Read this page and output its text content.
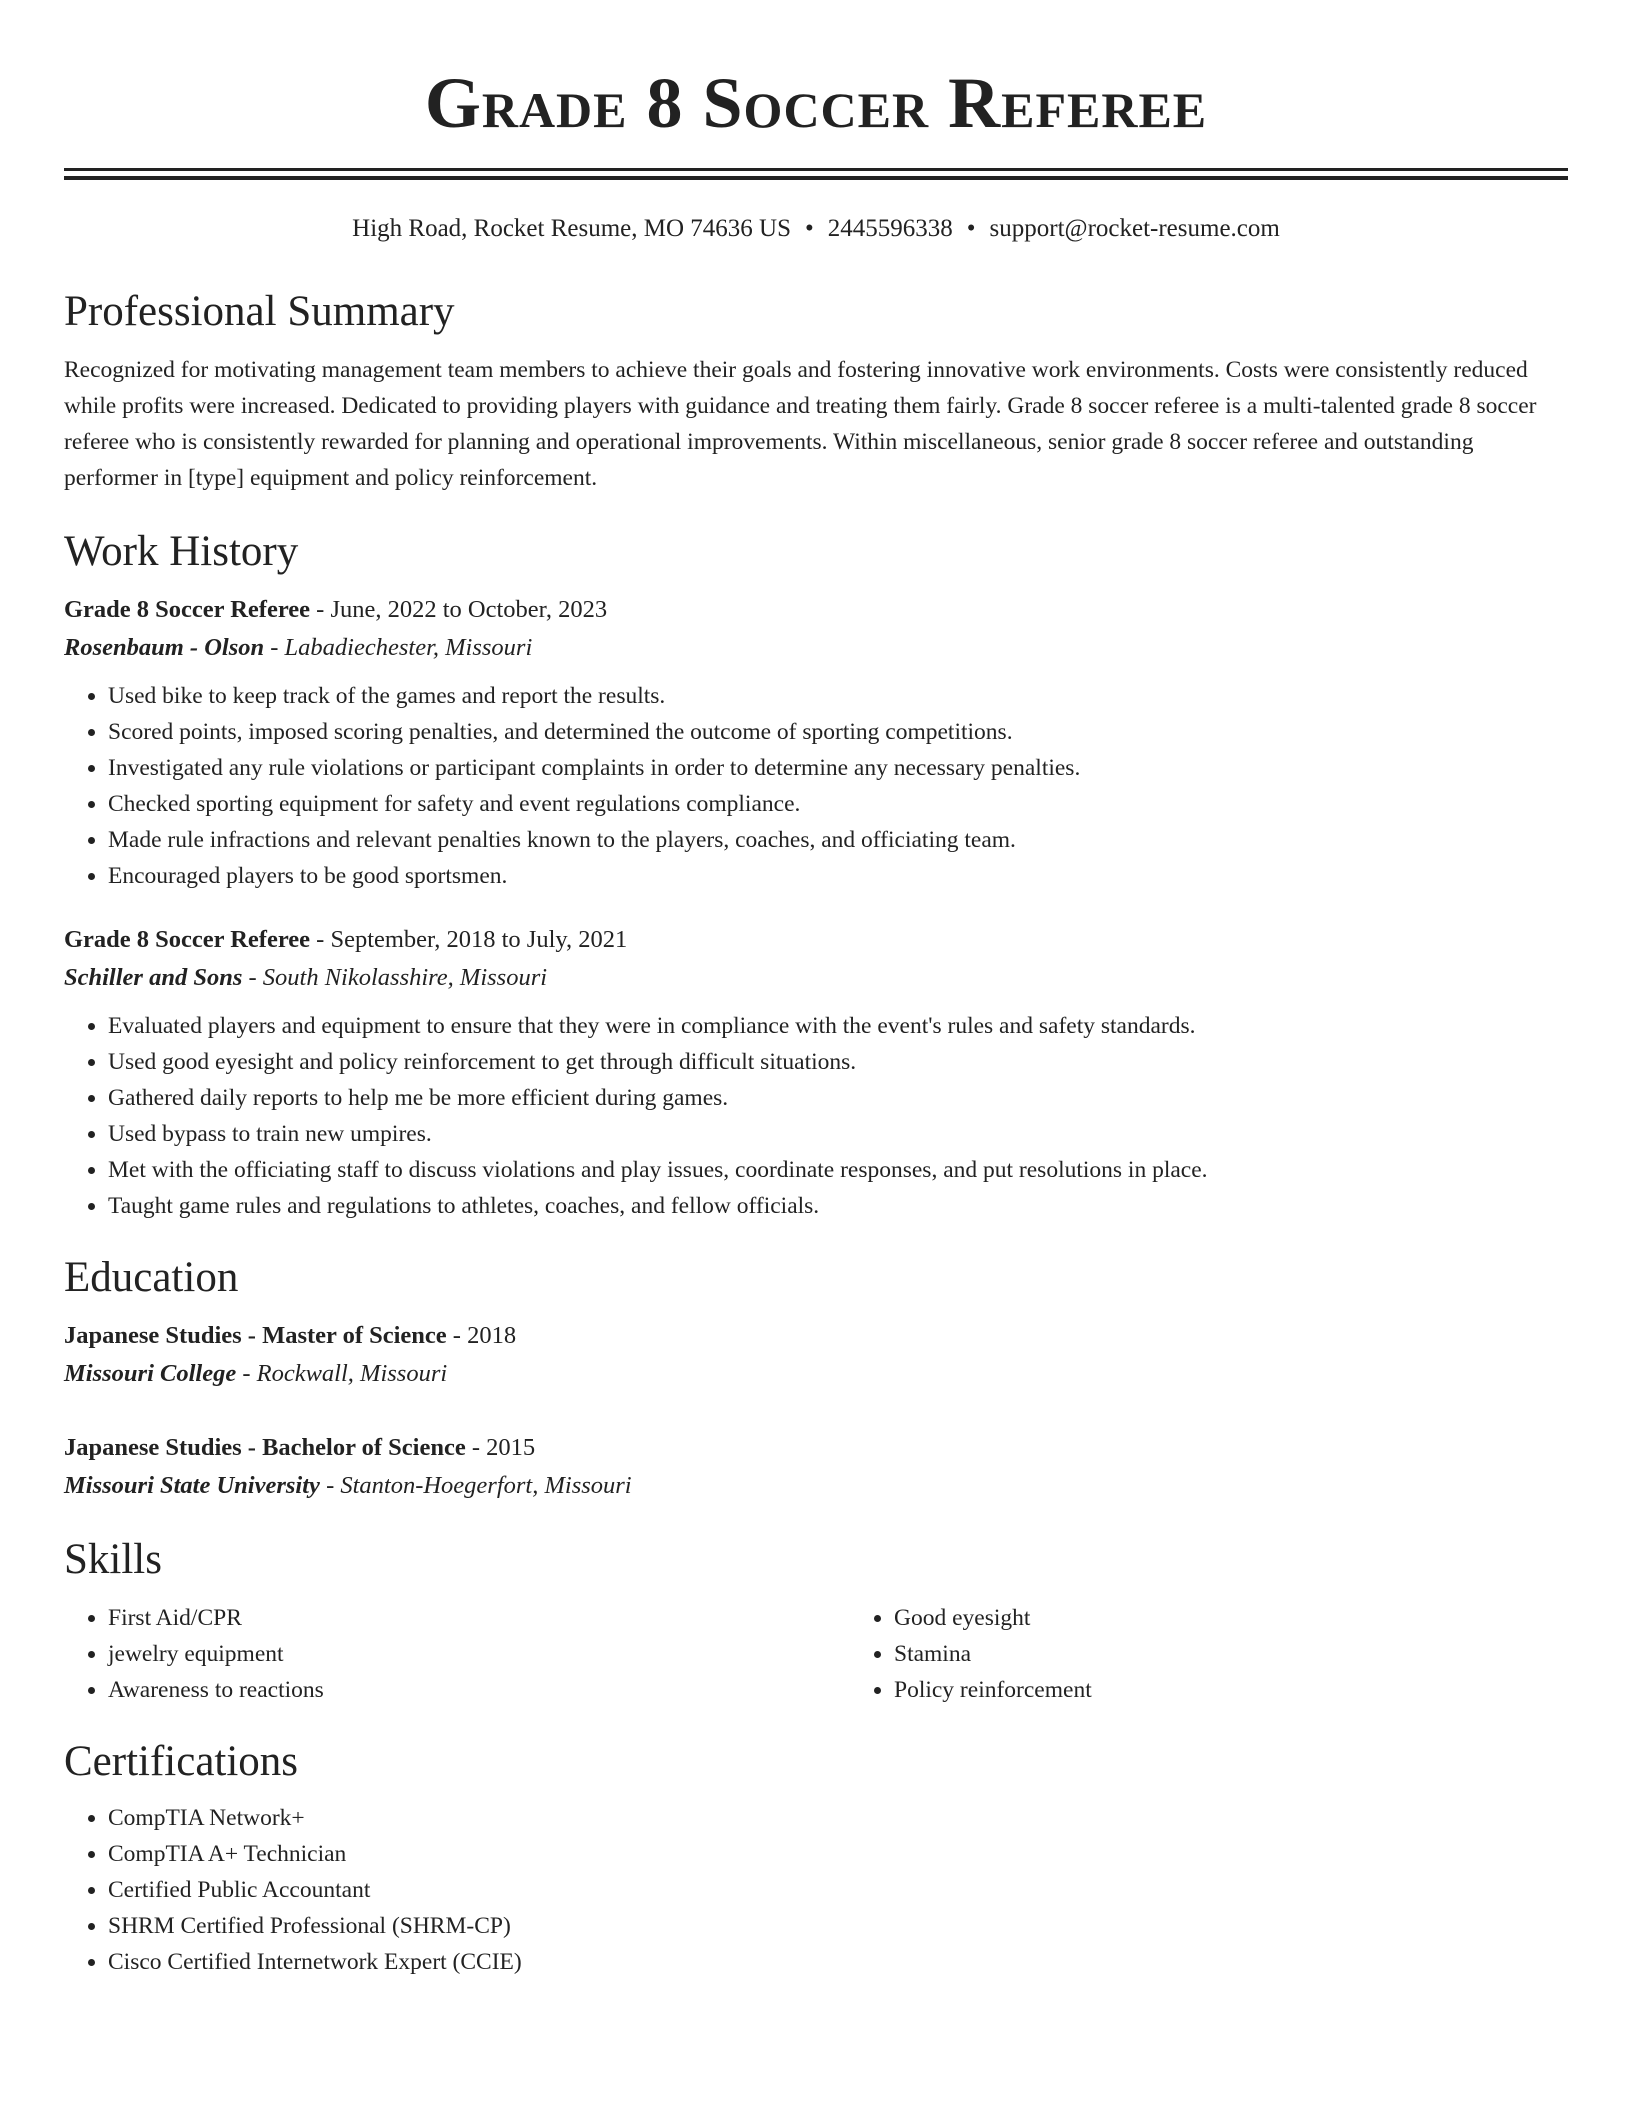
Grade 8 Soccer Referee
High Road, Rocket Resume, MO 74636 US • 2445596338 • support@rocket-resume.com
Professional Summary

Recognized for motivating management team members to achieve their goals and fostering innovative work environments. Costs were consistently reduced while profits were increased. Dedicated to providing players with guidance and treating them fairly. Grade 8 soccer referee is a multi-talented grade 8 soccer referee who is consistently rewarded for planning and operational improvements. Within miscellaneous, senior grade 8 soccer referee and outstanding performer in [type] equipment and policy reinforcement.

Work History
Grade 8 Soccer Referee - June, 2022 to October, 2023
Rosenbaum - Olson - Labadiechester, Missouri
• Used bike to keep track of the games and report the results.
• Scored points, imposed scoring penalties, and determined the outcome of sporting competitions.
• Investigated any rule violations or participant complaints in order to determine any necessary penalties.
• Checked sporting equipment for safety and event regulations compliance.
• Made rule infractions and relevant penalties known to the players, coaches, and officiating team.
• Encouraged players to be good sportsmen.
Grade 8 Soccer Referee - September, 2018 to July, 2021
Schiller and Sons - South Nikolasshire, Missouri
• Evaluated players and equipment to ensure that they were in compliance with the event's rules and safety standards.
• Used good eyesight and policy reinforcement to get through difficult situations.
• Gathered daily reports to help me be more efficient during games.
• Used bypass to train new umpires.
• Met with the officiating staff to discuss violations and play issues, coordinate responses, and put resolutions in place.
• Taught game rules and regulations to athletes, coaches, and fellow officials.
Education
Japanese Studies - Master of Science - 2018
Missouri College - Rockwall, Missouri
Japanese Studies - Bachelor of Science - 2015
Missouri State University - Stanton-Hoegerfort, Missouri
Skills
• First Aid/CPR
• jewelry equipment
• Awareness to reactions
• Good eyesight
• Stamina
• Policy reinforcement
Certifications
• CompTIA Network+
• CompTIA A+ Technician
• Certified Public Accountant
• SHRM Certified Professional (SHRM-CP)
• Cisco Certified Internetwork Expert (CCIE)
